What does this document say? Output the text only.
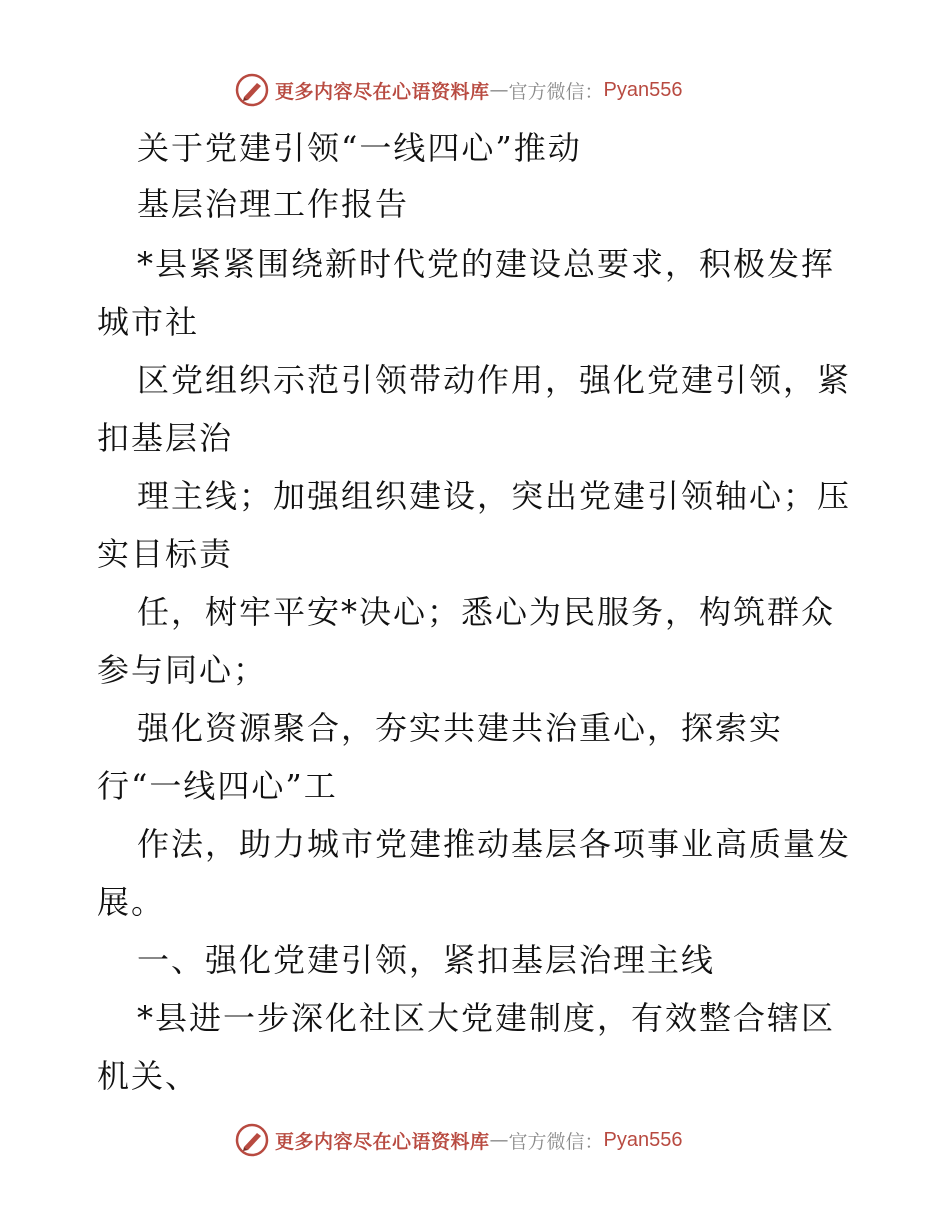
更多内容尽在心语资料库 — 官方微信： Pyan556
关于党建引领“一线四心”推动
基层治理工作报告
*县紧紧围绕新时代党的建设总要求，积极发挥
城市社
区党组织示范引领带动作用，强化党建引领，紧
扣基层治
理主线；加强组织建设，突出党建引领轴心；压
实目标责
任，树牢平安*决心；悉心为民服务，构筑群众
参与同心；
强化资源聚合，夯实共建共治重心，探索实
行“一线四心”工
作法，助力城市党建推动基层各项事业高质量发
展。
一、强化党建引领，紧扣基层治理主线
*县进一步深化社区大党建制度，有效整合辖区
机关、
更多内容尽在心语资料库 — 官方微信： Pyan556
